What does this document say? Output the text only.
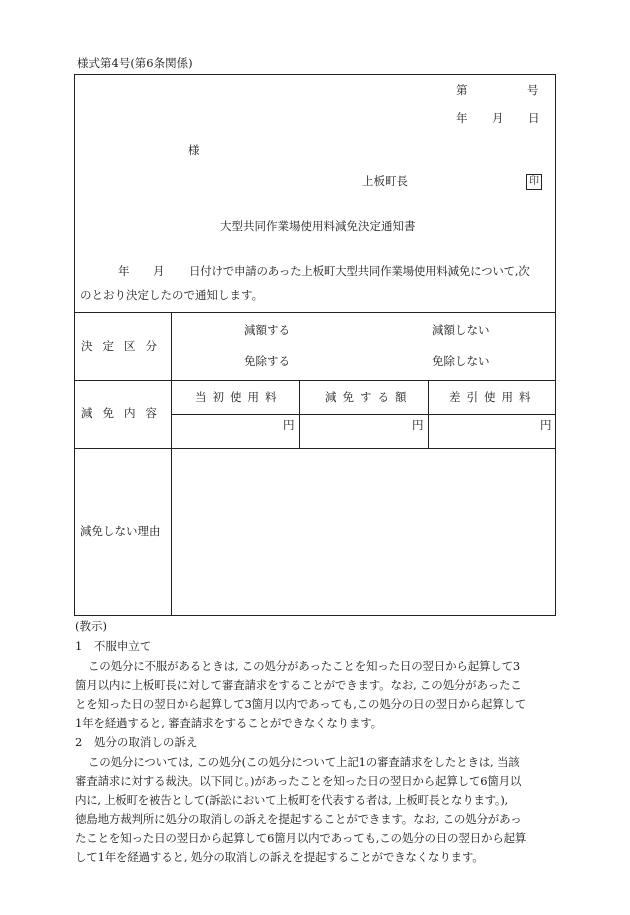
様式第4号(第6条関係)
第	号
年 月 日
様
上板町長	印
大型共同作業場使用料減免決定通知書
年 月 日付けで申請のあった上板町大型共同作業場使用料減免について,次
のとおり決定したので通知します。
決定区分
減額する	減額しない
免除する	免除しない
減免内容
当初使用料	減免する額	差引使用料
円	円	円
減免しない理由
(教示)
1　不服申立て
この処分に不服があるときは, この処分があったことを知った日の翌日から起算して3
箇月以内に上板町長に対して審査請求をすることができます。なお, この処分があったこ
とを知った日の翌日から起算して3箇月以内であっても,この処分の日の翌日から起算して
1年を経過すると, 審査請求をすることができなくなります。
2　処分の取消しの訴え
この処分については, この処分(この処分について上記1の審査請求をしたときは, 当該
審査請求に対する裁決。以下同じ。)があったことを知った日の翌日から起算して6箇月以
内に, 上板町を被告として(訴訟において上板町を代表する者は, 上板町長となります。),
徳島地方裁判所に処分の取消しの訴えを提起することができます。なお, この処分があっ
たことを知った日の翌日から起算して6箇月以内であっても,この処分の日の翌日から起算
して1年を経過すると, 処分の取消しの訴えを提起することができなくなります。
